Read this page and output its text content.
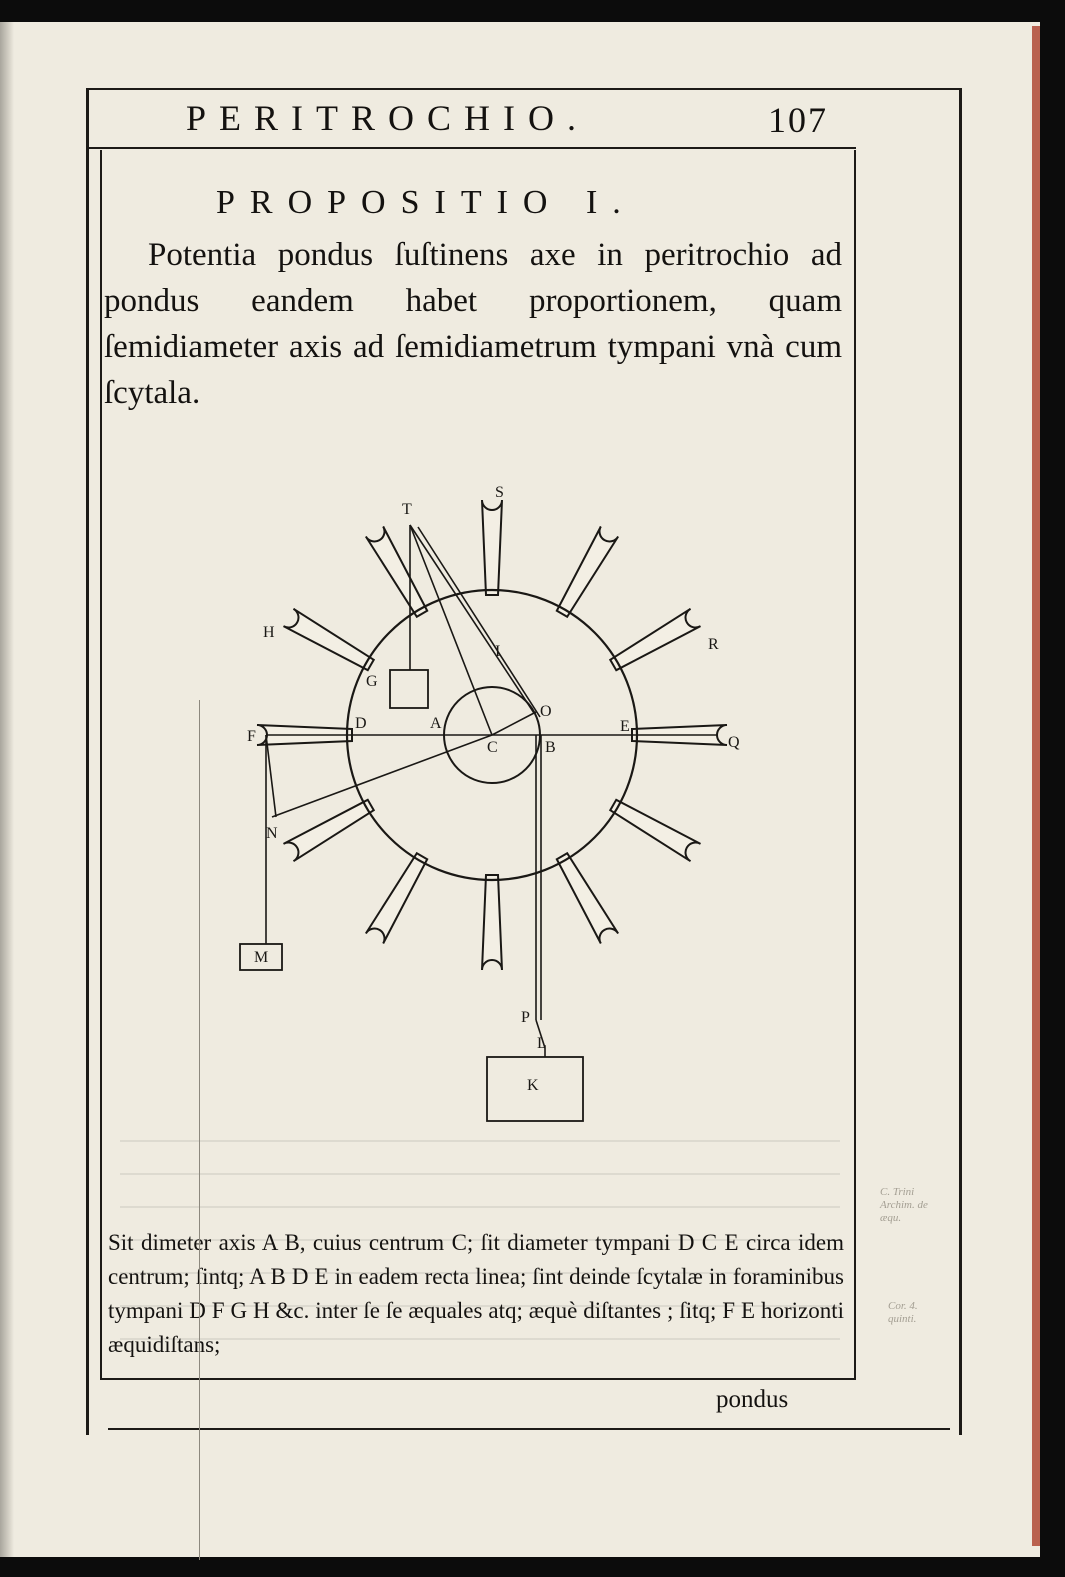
PERITROCHIO.	107
PROPOSITIO I.

Potentia pondus ſuſtinens axe in peritrochio ad pondus eandem habet proportionem, quam ſemidiameter axis ad ſemidiametrum tympani vnà cum ſcytala.

T
S
H
R
I
G
O
F
D	A
C	B
E
Q
N
M
P
L
K

Sit dimeter axis A B, cuius centrum C; ſit diameter tympani D C E circa idem centrum; ſintq; A B D E in eadem recta linea; ſint deinde ſcytalæ in foraminibus tympani D F G H &c. inter ſe ſe æquales atq; æquè diſtantes ; ſitq; F E horizonti æquidiſtans;

pondus
C. Trini Archim. de æqu.
Cor. 4. quinti.
